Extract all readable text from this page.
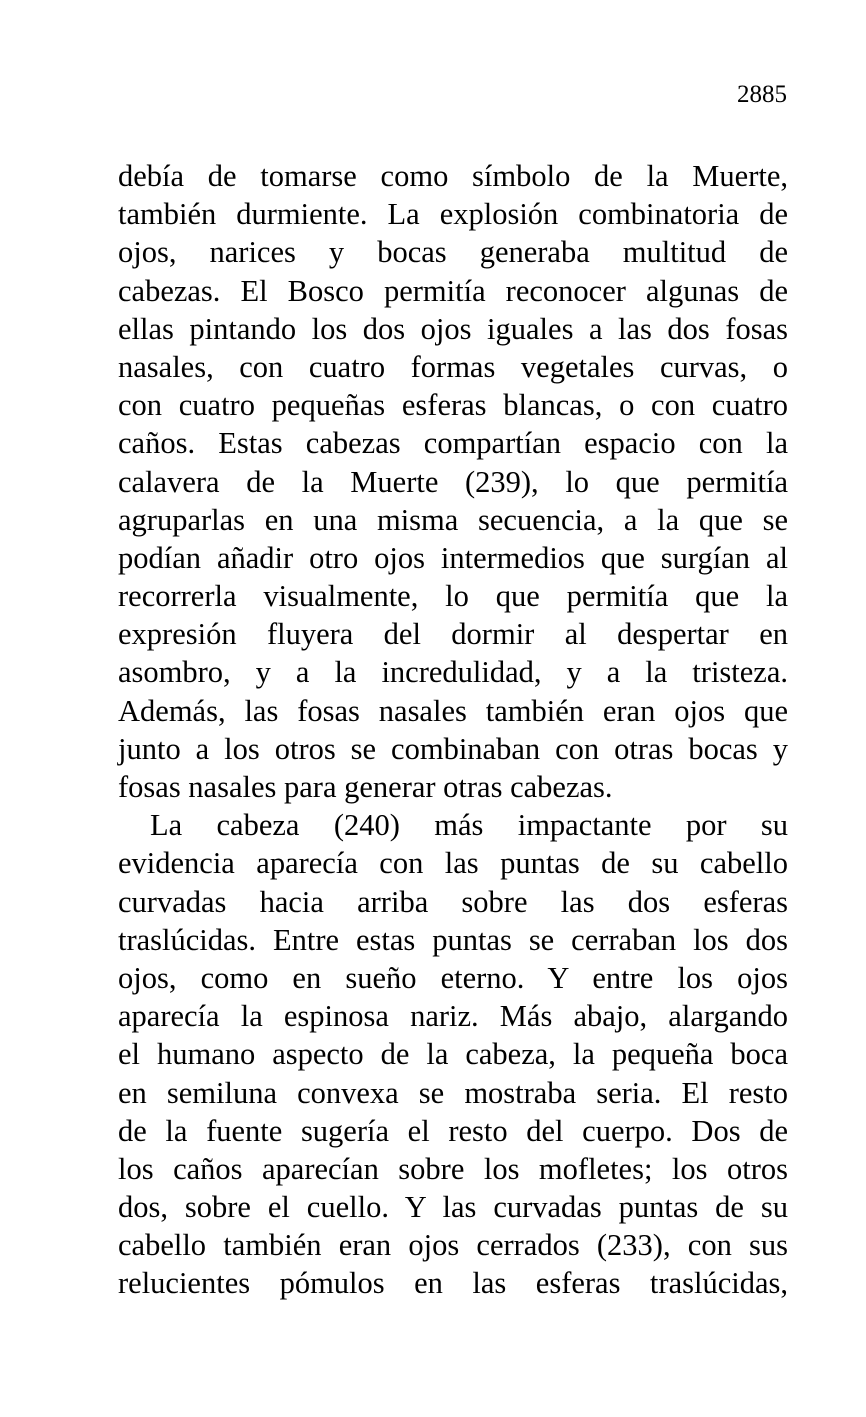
2885
debía de tomarse como símbolo de la Muerte,
también durmiente. La explosión combinatoria de
ojos, narices y bocas generaba multitud de
cabezas. El Bosco permitía reconocer algunas de
ellas pintando los dos ojos iguales a las dos fosas
nasales, con cuatro formas vegetales curvas, o
con cuatro pequeñas esferas blancas, o con cuatro
caños. Estas cabezas compartían espacio con la
calavera de la Muerte (239), lo que permitía
agruparlas en una misma secuencia, a la que se
podían añadir otro ojos intermedios que surgían al
recorrerla visualmente, lo que permitía que la
expresión fluyera del dormir al despertar en
asombro, y a la incredulidad, y a la tristeza.
Además, las fosas nasales también eran ojos que
junto a los otros se combinaban con otras bocas y
fosas nasales para generar otras cabezas.
La cabeza (240) más impactante por su
evidencia aparecía con las puntas de su cabello
curvadas hacia arriba sobre las dos esferas
traslúcidas. Entre estas puntas se cerraban los dos
ojos, como en sueño eterno. Y entre los ojos
aparecía la espinosa nariz. Más abajo, alargando
el humano aspecto de la cabeza, la pequeña boca
en semiluna convexa se mostraba seria. El resto
de la fuente sugería el resto del cuerpo. Dos de
los caños aparecían sobre los mofletes; los otros
dos, sobre el cuello. Y las curvadas puntas de su
cabello también eran ojos cerrados (233), con sus
relucientes pómulos en las esferas traslúcidas,
